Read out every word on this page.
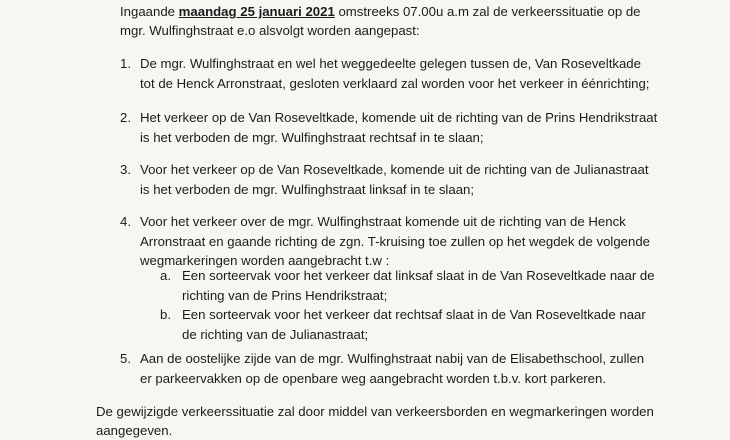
Ingaande maandag 25 januari 2021 omstreeks 07.00u a.m zal de verkeerssituatie op de

mgr. Wulfinghstraat e.o alsvolgt worden aangepast:

1. De mgr. Wulfinghstraat en wel het weggedeelte gelegen tussen de, Van Roseveltkade
tot de Henck Arronstraat, gesloten verklaard zal worden voor het verkeer in éénrichting;
2. Het verkeer op de Van Roseveltkade, komende uit de richting van de Prins Hendrikstraat
is het verboden de mgr. Wulfinghstraat rechtsaf in te slaan;
3. Voor het verkeer op de Van Roseveltkade, komende uit de richting van de Julianastraat
is het verboden de mgr. Wulfinghstraat linksaf in te slaan;
4. Voor het verkeer over de mgr. Wulfinghstraat komende uit de richting van de Henck
Arronstraat en gaande richting de zgn. T-kruising toe zullen op het wegdek de volgende
wegmarkeringen worden aangebracht t.w :
a. Een sorteervak voor het verkeer dat linksaf slaat in de Van Roseveltkade naar de
richting van de Prins Hendrikstraat;
b. Een sorteervak voor het verkeer dat rechtsaf slaat in de Van Roseveltkade naar
de richting van de Julianastraat;
5. Aan de oostelijke zijde van de mgr. Wulfinghstraat nabij van de Elisabethschool, zullen
er parkeervakken op de openbare weg aangebracht worden t.b.v. kort parkeren.
De gewijzigde verkeerssituatie zal door middel van verkeersborden en wegmarkeringen worden
aangegeven.
